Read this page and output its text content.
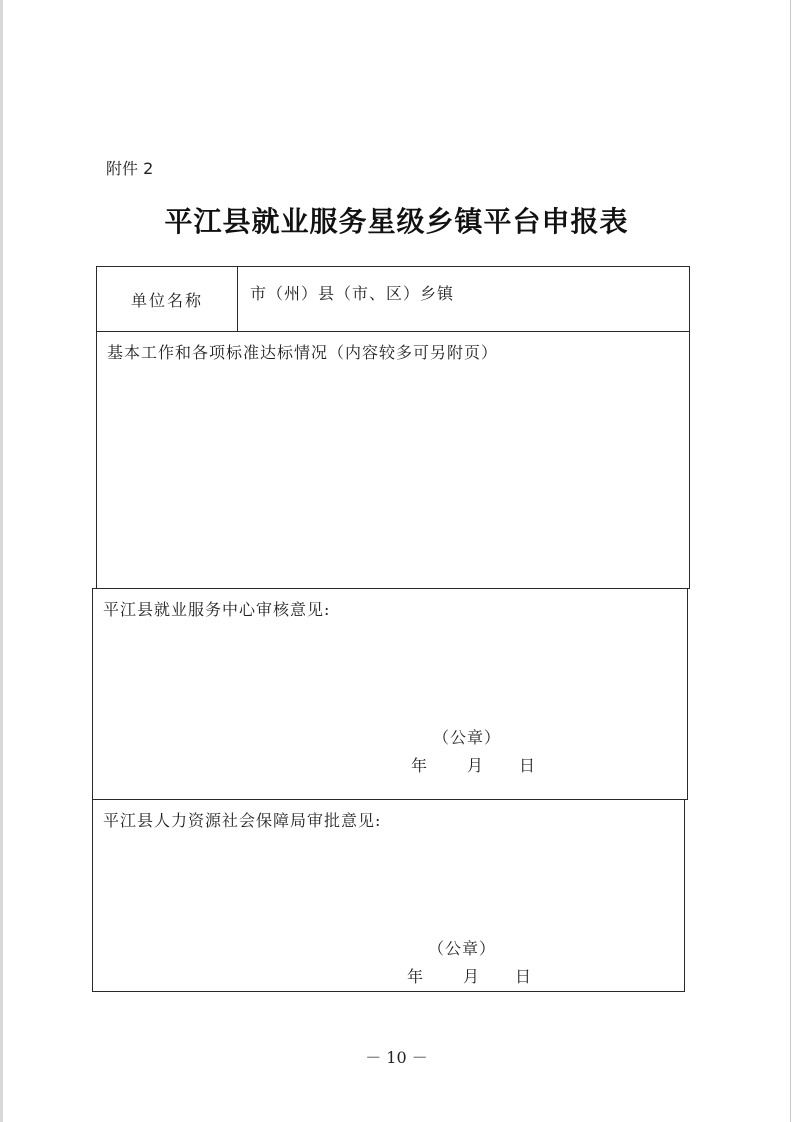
附件 2
平江县就业服务星级乡镇平台申报表
单位名称	市（州）县（市、区）乡镇
基本工作和各项标准达标情况（内容较多可另附页）
平江县就业服务中心审核意见:
（公章）
年 月 日
平江县人力资源社会保障局审批意见:
（公章）
年 月 日
－ 10 －
